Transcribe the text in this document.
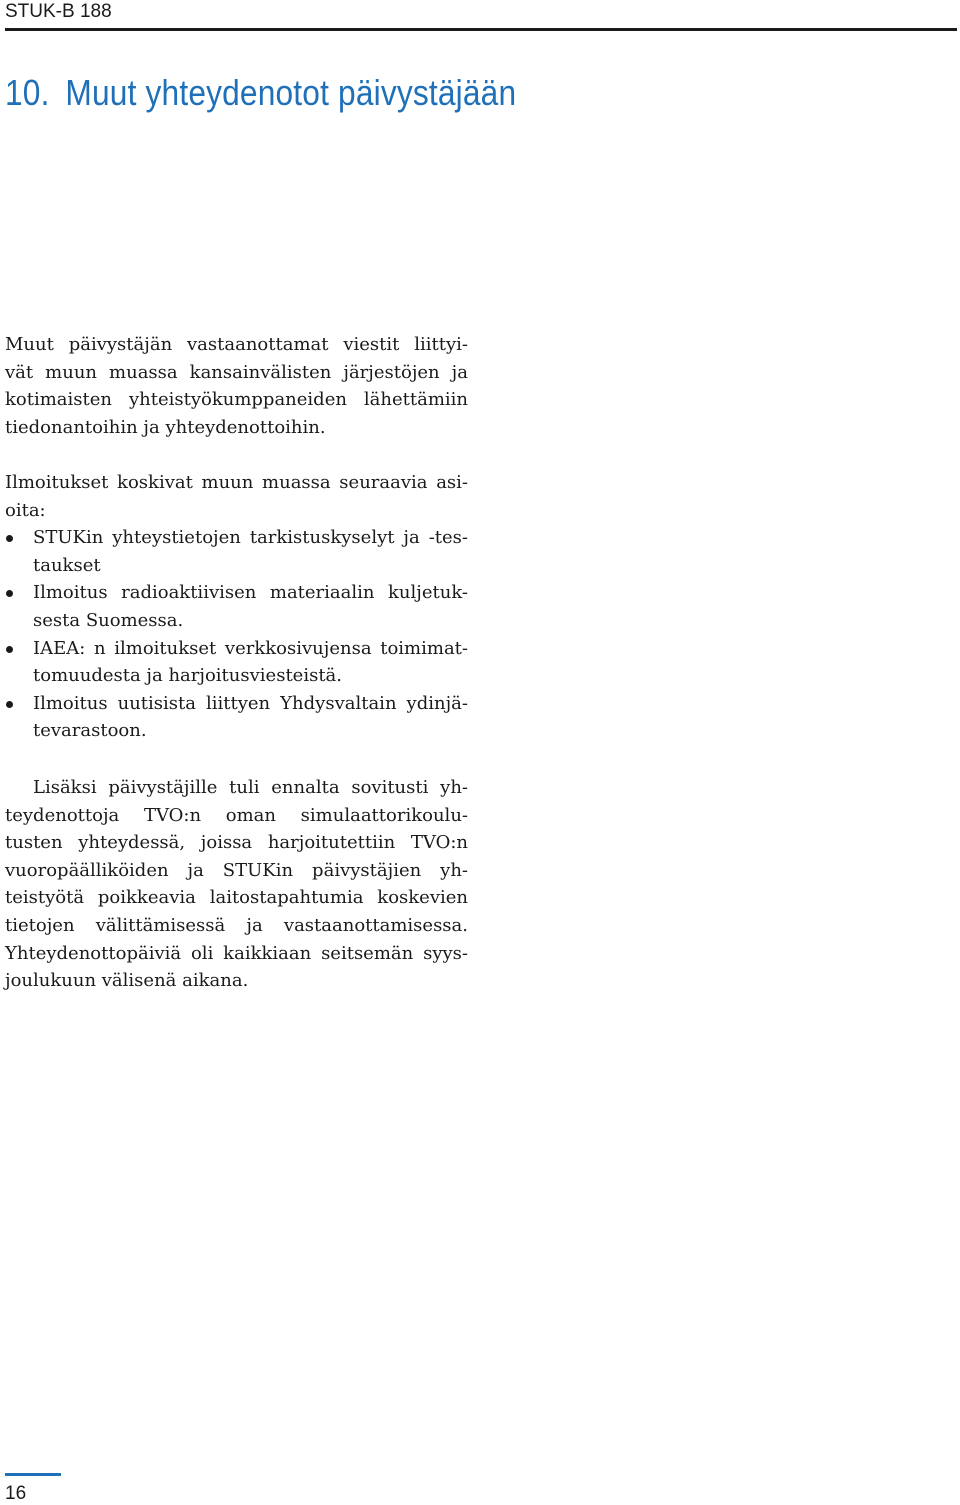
STUK-B 188
10. Muut yhteydenotot päivystäjään
Muut päivystäjän vastaanottamat viestit liittyi-
vät muun muassa kansainvälisten järjestöjen ja
kotimaisten yhteistyökumppaneiden lähettämiin
tiedonantoihin ja yhteydenottoihin.
Ilmoitukset koskivat muun muassa seuraavia asi-
oita:
STUKin yhteystietojen tarkistuskyselyt ja -tes-
taukset
Ilmoitus radioaktiivisen materiaalin kuljetuk-
sesta Suomessa.
IAEA: n ilmoitukset verkkosivujensa toimimat-
tomuudesta ja harjoitusviesteistä.
Ilmoitus uutisista liittyen Yhdysvaltain ydinjä-
tevarastoon.
Lisäksi päivystäjille tuli ennalta sovitusti yh-
teydenottoja TVO:n oman simulaattorikoulu-
tusten yhteydessä, joissa harjoitutettiin TVO:n
vuoropäälliköiden ja STUKin päivystäjien yh-
teistyötä poikkeavia laitostapahtumia koskevien
tietojen välittämisessä ja vastaanottamisessa.
Yhteydenottopäiviä oli kaikkiaan seitsemän syys-
joulukuun välisenä aikana.
16
